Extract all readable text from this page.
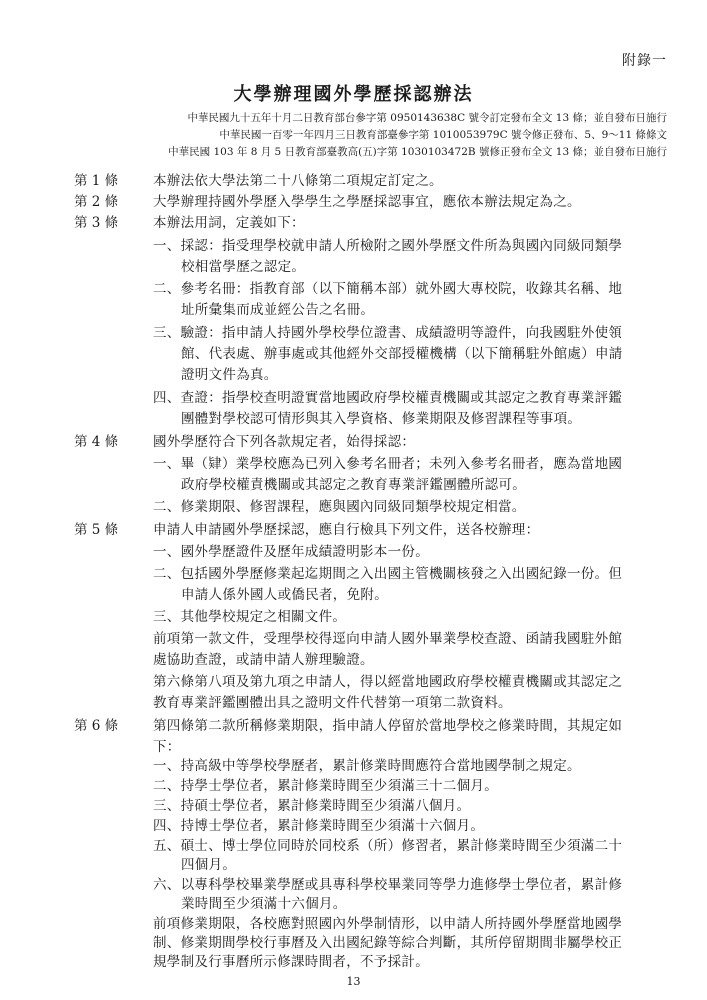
附錄一
大學辦理國外學歷採認辦法
中華民國九十五年十月二日教育部台參字第 0950143638C 號令訂定發布全文 13 條；並自發布日施行
中華民國一百零一年四月三日教育部臺參字第 1010053979C 號令修正發布、5、9～11 條條文
中華民國 103 年 8 月 5 日教育部臺教高(五)字第 1030103472B 號修正發布全文 13 條；並自發布日施行
第 1 條	本辦法依大學法第二十八條第二項規定訂定之。
第 2 條	大學辦理持國外學歷入學學生之學歷採認事宜，應依本辦法規定為之。
第 3 條	本辦法用詞，定義如下：
一、採認：指受理學校就申請人所檢附之國外學歷文件所為與國內同級同類學
校相當學歷之認定。
二、參考名冊：指教育部（以下簡稱本部）就外國大專校院，收錄其名稱、地
址所彙集而成並經公告之名冊。
三、驗證：指申請人持國外學校學位證書、成績證明等證件，向我國駐外使領
館、代表處、辦事處或其他經外交部授權機構（以下簡稱駐外館處）申請
證明文件為真。
四、查證：指學校查明證實當地國政府學校權責機關或其認定之教育專業評鑑
團體對學校認可情形與其入學資格、修業期限及修習課程等事項。
第 4 條	國外學歷符合下列各款規定者，始得採認：
一、畢（肄）業學校應為已列入參考名冊者；未列入參考名冊者，應為當地國
政府學校權責機關或其認定之教育專業評鑑團體所認可。
二、修業期限、修習課程，應與國內同級同類學校規定相當。
第 5 條	申請人申請國外學歷採認，應自行檢具下列文件，送各校辦理：
一、國外學歷證件及歷年成績證明影本一份。
二、包括國外學歷修業起迄期間之入出國主管機關核發之入出國紀錄一份。但
申請人係外國人或僑民者，免附。
三、其他學校規定之相關文件。
前項第一款文件，受理學校得逕向申請人國外畢業學校查證、函請我國駐外館
處協助查證，或請申請人辦理驗證。
第六條第八項及第九項之申請人，得以經當地國政府學校權責機關或其認定之
教育專業評鑑團體出具之證明文件代替第一項第二款資料。
第 6 條	第四條第二款所稱修業期限，指申請人停留於當地學校之修業時間，其規定如
下：
一、持高級中等學校學歷者，累計修業時間應符合當地國學制之規定。
二、持學士學位者，累計修業時間至少須滿三十二個月。
三、持碩士學位者，累計修業時間至少須滿八個月。
四、持博士學位者，累計修業時間至少須滿十六個月。
五、碩士、博士學位同時於同校系（所）修習者，累計修業時間至少須滿二十
四個月。
六、以專科學校畢業學歷或具專科學校畢業同等學力進修學士學位者，累計修
業時間至少須滿十六個月。
前項修業期限，各校應對照國內外學制情形，以申請人所持國外學歷當地國學
13
制、修業期間學校行事曆及入出國紀錄等綜合判斷，其所停留期間非屬學校正
規學制及行事曆所示修課時間者，不予採計。
